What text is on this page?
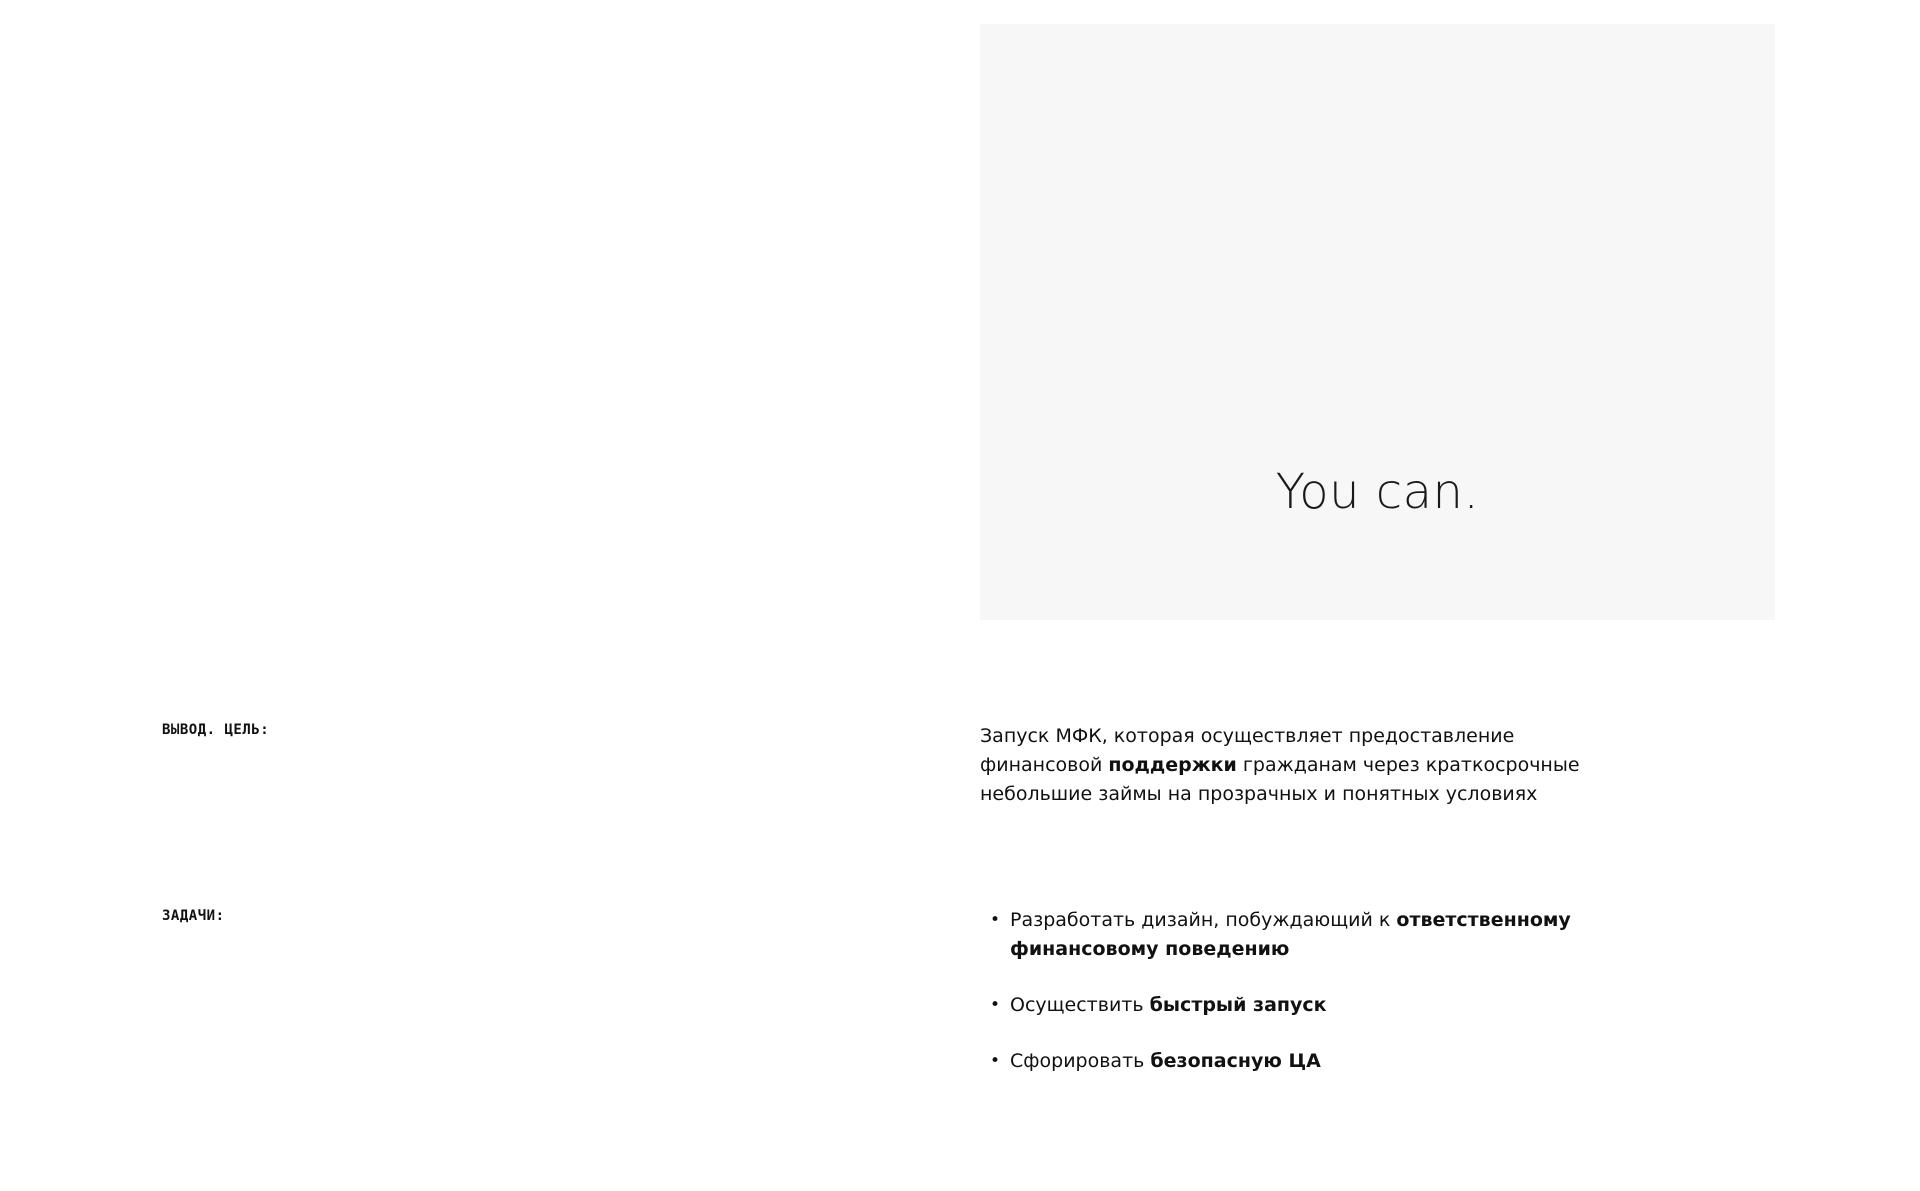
You can.
ВЫВОД. ЦЕЛЬ:	Запуск МФК, которая осуществляет предоставление финансовой поддержки гражданам через краткосрочные небольшие займы на прозрачных и понятных условиях
ЗАДАЧИ:	• Разработать дизайн, побуждающий к ответственному финансовому поведению
• Осуществить быстрый запуск
• Сфорировать безопасную ЦА
